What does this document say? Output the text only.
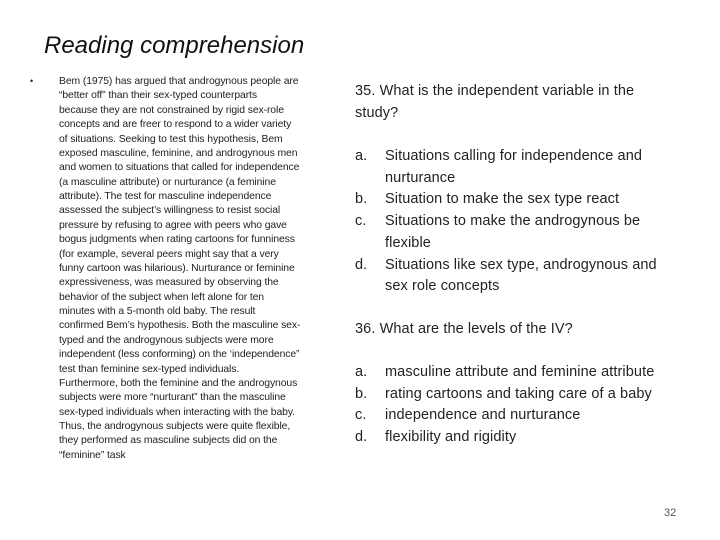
Reading comprehension
• Bem (1975) has argued that androgynous people are
“better off” than their sex-typed counterparts
because they are not constrained by rigid sex-role
concepts and are freer to respond to a wider variety
of situations. Seeking to test this hypothesis, Bem
exposed masculine, feminine, and androgynous men
and women to situations that called for independence
(a masculine attribute) or nurturance (a feminine
attribute). The test for masculine independence
assessed the subject’s willingness to resist social
pressure by refusing to agree with peers who gave
bogus judgments when rating cartoons for funniness
(for example, several peers might say that a very
funny cartoon was hilarious). Nurturance or feminine
expressiveness, was measured by observing the
behavior of the subject when left alone for ten
minutes with a 5-month old baby. The result
confirmed Bem’s hypothesis. Both the masculine sex-
typed and the androgynous subjects were more
independent (less conforming) on the ‘independence”
test than feminine sex-typed individuals.
Furthermore, both the feminine and the androgynous
subjects were more “nurturant” than the masculine
sex-typed individuals when interacting with the baby.
Thus, the androgynous subjects were quite flexible,
they performed as masculine subjects did on the
“feminine” task
35. What is the independent variable in the
study?
a.	Situations calling for independence and
nurturance
b.	Situation to make the sex type react
c.	Situations to make the androgynous be
flexible
d.	Situations like sex type, androgynous and
sex role concepts
36. What are the levels of the IV?
a.	masculine attribute and feminine attribute
b.	rating cartoons and taking care of a baby
c.	independence and nurturance
d.	flexibility and rigidity
32
